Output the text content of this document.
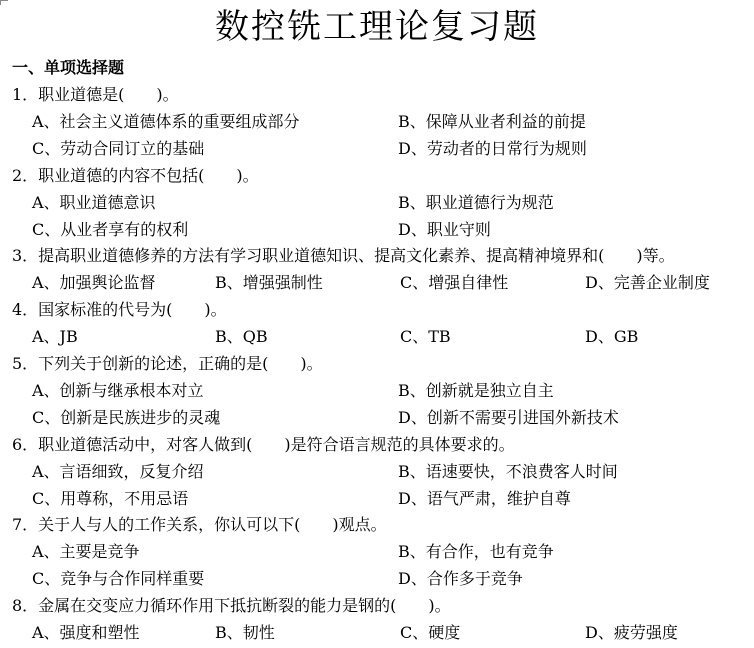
数控铣工理论复习题
一、单项选择题
1．职业道德是(　　)。
A、社会主义道德体系的重要组成部分	B、保障从业者利益的前提
C、劳动合同订立的基础	D、劳动者的日常行为规则
2．职业道德的内容不包括(　　)。
A、职业道德意识	B、职业道德行为规范
C、从业者享有的权利	D、职业守则
3．提高职业道德修养的方法有学习职业道德知识、提高文化素养、提高精神境界和(　　)等。
A、加强舆论监督	B、增强强制性	C、增强自律性	D、完善企业制度
4．国家标准的代号为(　　)。
A、JB	B、QB	C、TB	D、GB
5．下列关于创新的论述，正确的是(　　)。
A、创新与继承根本对立	B、创新就是独立自主
C、创新是民族进步的灵魂	D、创新不需要引进国外新技术
6．职业道德活动中，对客人做到(　　)是符合语言规范的具体要求的。
A、言语细致，反复介绍	B、语速要快，不浪费客人时间
C、用尊称，不用忌语	D、语气严肃，维护自尊
7．关于人与人的工作关系，你认可以下(　　)观点。
A、主要是竞争	B、有合作，也有竞争
C、竞争与合作同样重要	D、合作多于竞争
8．金属在交变应力循环作用下抵抗断裂的能力是钢的(　　)。
A、强度和塑性	B、韧性	C、硬度	D、疲劳强度
